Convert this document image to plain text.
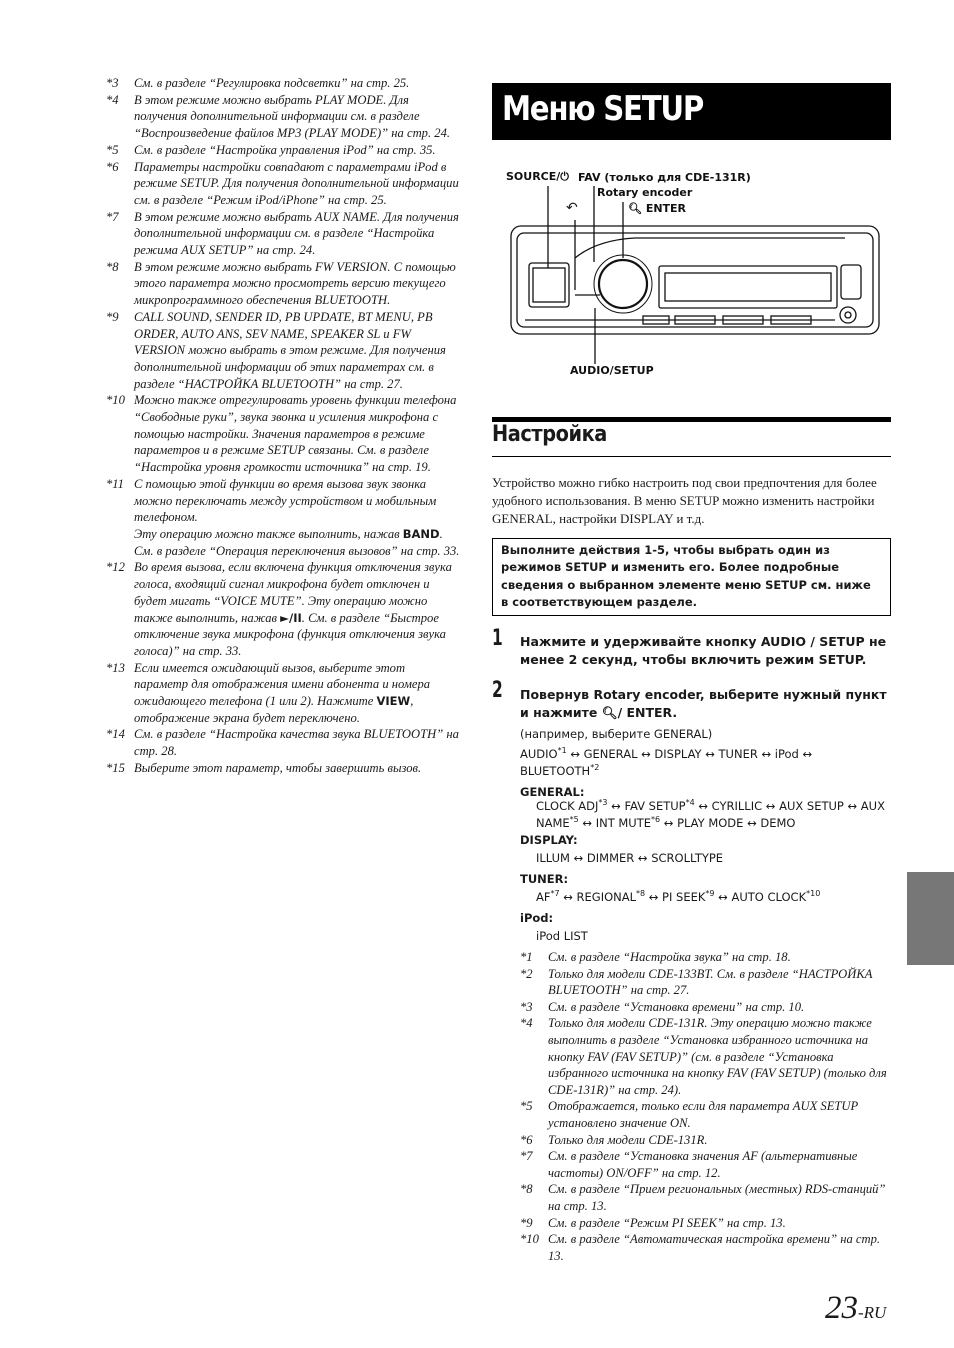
*3 См. в разделе “Регулировка подсветки” на стр. 25.

*4 В этом режиме можно выбрать PLAY MODE. Для получения дополнительной информации см. в разделе “Воспроизведение файлов MP3 (PLAY MODE)” на стр. 24.

*5 См. в разделе “Настройка управления iPod” на стр. 35.

*6 Параметры настройки совпадают с параметрами iPod в режиме SETUP. Для получения дополнительной информации см. в разделе “Режим iPod/iPhone” на стр. 25.

*7 В этом режиме можно выбрать AUX NAME. Для получения дополнительной информации см. в разделе “Настройка режима AUX SETUP” на стр. 24.

*8 В этом режиме можно выбрать FW VERSION. С помощью этого параметра можно просмотреть версию текущего микропрограммного обеспечения BLUETOOTH.

*9 CALL SOUND, SENDER ID, PB UPDATE, BT MENU, PB ORDER, AUTO ANS, SEV NAME, SPEAKER SL и FW VERSION можно выбрать в этом режиме. Для получения дополнительной информации об этих параметрах см. в разделе “НАСТРОЙКА BLUETOOTH” на стр. 27.

*10 Можно также отрегулировать уровень функции телефона “Свободные руки”, звука звонка и усиления микрофона с помощью настройки. Значения параметров в режиме параметров и в режиме SETUP связаны. См. в разделе “Настройка уровня громкости источника” на стр. 19.

*11 С помощью этой функции во время вызова звук звонка можно переключать между устройством и мобильным телефоном.
Эту операцию можно также выполнить, нажав BAND. См. в разделе “Операция переключения вызовов” на стр. 33.

*12 Во время вызова, если включена функция отключения звука голоса, входящий сигнал микрофона будет отключен и будет мигать “VOICE MUTE”. Эту операцию можно также выполнить, нажав ►/II. См. в разделе “Быстрое отключение звука микрофона (функция отключения звука голоса)” на стр. 33.

*13 Если имеется ожидающий вызов, выберите этот параметр для отображения имени абонента и номера ожидающего телефона (1 или 2). Нажмите VIEW, отображение экрана будет переключено.

*14 См. в разделе “Настройка качества звука BLUETOOTH” на стр. 28.

*15 Выберите этот параметр, чтобы завершить вызов.

Меню SETUP
SOURCE/⏻ FAV (только для CDE-131R)
Rotary encoder
🔍︎ ENTER
↶
AUDIO/SETUP
Настройка
Устройство можно гибко настроить под свои предпочтения для более удобного использования. В меню SETUP можно изменить настройки GENERAL, настройки DISPLAY и т.д.
Выполните действия 1-5, чтобы выбрать один из режимов SETUP и изменить его. Более подробные сведения о выбранном элементе меню SETUP см. ниже в соответствующем разделе.
1 Нажмите и удерживайте кнопку AUDIO / SETUP не менее 2 секунд, чтобы включить режим SETUP.
2 Повернув Rotary encoder, выберите нужный пункт и нажмите 🔍︎/ ENTER.
(например, выберите GENERAL)
AUDIO$^{*1}$ ↔ GENERAL ↔ DISPLAY ↔ TUNER ↔ iPod ↔ BLUETOOTH$^{*2}$
GENERAL:
CLOCK ADJ$^{*3}$ ↔ FAV SETUP$^{*4}$ ↔ CYRILLIC ↔ AUX SETUP ↔ AUX NAME$^{*5}$ ↔ INT MUTE$^{*6}$ ↔ PLAY MODE ↔ DEMO
DISPLAY:
ILLUM ↔ DIMMER ↔ SCROLLTYPE
TUNER:
AF$^{*7}$ ↔ REGIONAL$^{*8}$ ↔ PI SEEK$^{*9}$ ↔ AUTO CLOCK$^{*10}$
iPod:
iPod LIST

*1 См. в разделе “Настройка звука” на стр. 18.

*2 Только для модели CDE-133BT. См. в разделе “НАСТРОЙКА BLUETOOTH” на стр. 27.

*3 См. в разделе “Установка времени” на стр. 10.

*4 Только для модели CDE-131R. Эту операцию можно также выполнить в разделе “Установка избранного источника на кнопку FAV (FAV SETUP)” (см. в разделе “Установка избранного источника на кнопку FAV (FAV SETUP) (только для CDE-131R)” на стр. 24).

*5 Отображается, только если для параметра AUX SETUP установлено значение ON.

*6 Только для модели CDE-131R.

*7 См. в разделе “Установка значения AF (альтернативные частоты) ON/OFF” на стр. 12.

*8 См. в разделе “Прием региональных (местных) RDS-станций” на стр. 13.

*9 См. в разделе “Режим PI SEEK” на стр. 13.

*10 См. в разделе “Автоматическая настройка времени” на стр. 13.

23-RU
